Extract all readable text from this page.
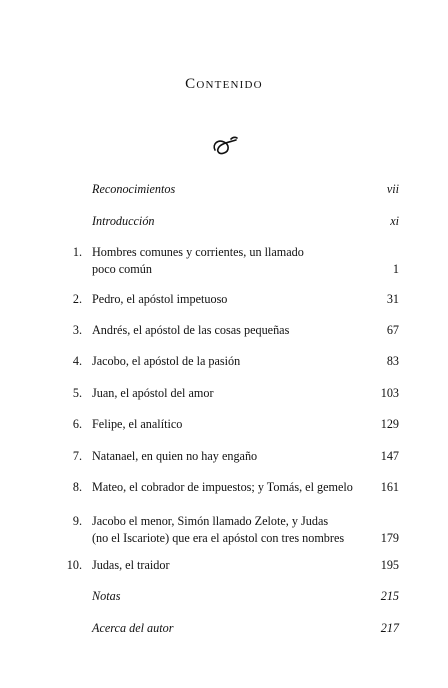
Contenido
Reconocimientos	vii
Introducción	xi
1. Hombres comunes y corrientes, un llamado
poco común	1
2. Pedro, el apóstol impetuoso	31
3. Andrés, el apóstol de las cosas pequeñas	67
4. Jacobo, el apóstol de la pasión	83
5. Juan, el apóstol del amor	103
6. Felipe, el analítico	129
7. Natanael, en quien no hay engaño	147
8. Mateo, el cobrador de impuestos; y Tomás, el gemelo	161
9. Jacobo el menor, Simón llamado Zelote, y Judas
(no el Iscariote) que era el apóstol con tres nombres	179
10. Judas, el traidor	195
Notas	215
Acerca del autor	217
